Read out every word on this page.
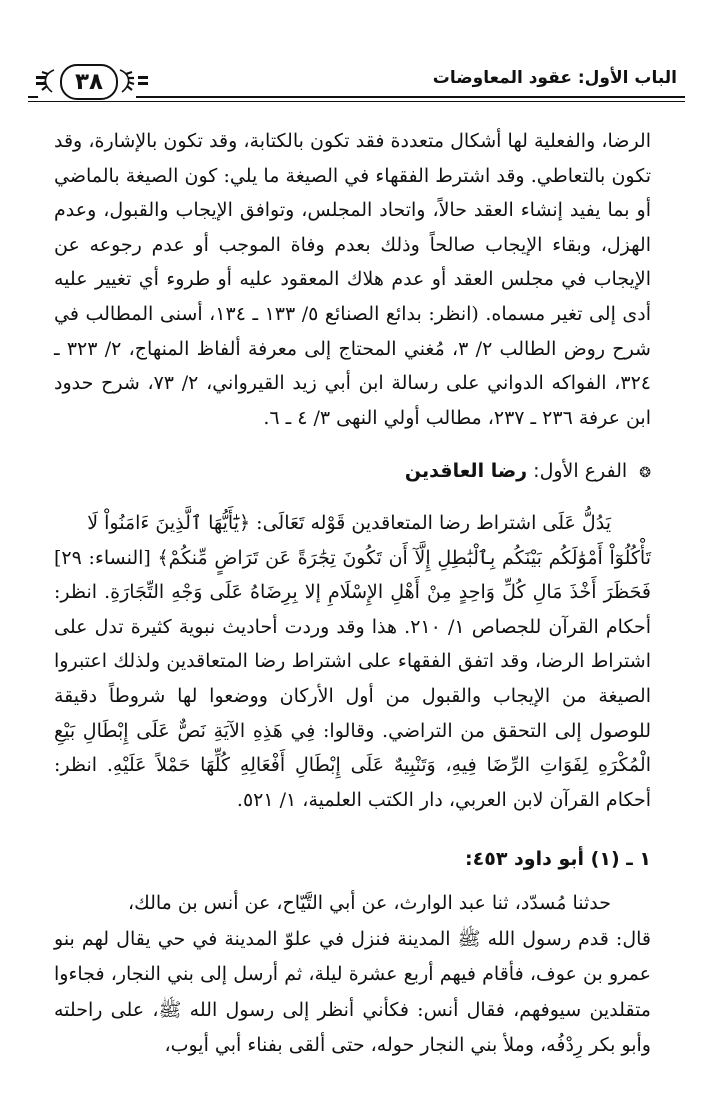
الباب الأول: عقود المعاوضات
٣٨
الرضا، والفعلية لها أشكال متعددة فقد تكون بالكتابة، وقد تكون بالإشارة، وقد تكون بالتعاطي. وقد اشترط الفقهاء في الصيغة ما يلي: كون الصيغة بالماضي أو بما يفيد إنشاء العقد حالاً، واتحاد المجلس، وتوافق الإيجاب والقبول، وعدم الهزل، وبقاء الإيجاب صالحاً وذلك بعدم وفاة الموجب أو عدم رجوعه عن الإيجاب في مجلس العقد أو عدم هلاك المعقود عليه أو طروء أي تغيير عليه أدى إلى تغير مسماه. (انظر: بدائع الصنائع ٥/ ١٣٣ ـ ١٣٤، أسنى المطالب في شرح روض الطالب ٢/ ٣، مُغني المحتاج إلى معرفة ألفاظ المنهاج، ٢/ ٣٢٣ ـ ٣٢٤، الفواكه الدواني على رسالة ابن أبي زيد القيرواني، ٢/ ٧٣، شرح حدود ابن عرفة ٢٣٦ ـ ٢٣٧، مطالب أولي النهى ٣/ ٤ ـ ٦.
❂ الفرع الأول: رضا العاقدين
يَدُلُّ عَلَى اشتراط رضا المتعاقدين قَوْله تَعَالَى: ﴿يَٰٓأَيُّهَا ٱلَّذِينَ ءَامَنُواْ لَا
تَأْكُلُوٓاْ أَمْوَٰلَكُم بَيْنَكُم بِٱلْبَٰطِلِ إِلَّآ أَن تَكُونَ تِجَٰرَةً عَن تَرَاضٍ مِّنكُمْ﴾ [النساء: ٢٩] فَحَظَرَ أَخْذَ مَالِ كُلِّ وَاحِدٍ مِنْ أَهْلِ الإِسْلَامِ إلا بِرِضَاهُ عَلَى وَجْهِ التِّجَارَةِ. انظر: أحكام القرآن للجصاص ١/ ٢١٠. هذا وقد وردت أحاديث نبوية كثيرة تدل على اشتراط الرضا، وقد اتفق الفقهاء على اشتراط رضا المتعاقدين ولذلك اعتبروا الصيغة من الإيجاب والقبول من أول الأركان ووضعوا لها شروطاً دقيقة للوصول إلى التحقق من التراضي. وقالوا: فِي هَذِهِ الآيَةِ نَصٌّ عَلَى إِبْطَالِ بَيْعِ الْمُكْرَهِ لِفَوَاتِ الرِّضَا فِيهِ، وَتَنْبِيهٌ عَلَى إِبْطَالِ أَفْعَالِهِ كُلِّهَا حَمْلاً عَلَيْهِ. انظر: أحكام القرآن لابن العربي، دار الكتب العلمية، ١/ ٥٢١.
١ ـ (١) أبو داود ٤٥٣:
حدثنا مُسدّد، ثنا عبد الوارث، عن أبي التَّيّاح، عن أنس بن مالك،
قال: قدم رسول الله ﷺ المدينة فنزل في علوّ المدينة في حي يقال لهم بنو عمرو بن عوف، فأقام فيهم أربع عشرة ليلة، ثم أرسل إلى بني النجار، فجاءوا متقلدين سيوفهم، فقال أنس: فكأني أنظر إلى رسول الله ﷺ، على راحلته وأبو بكر رِدْفُه، وملأ بني النجار حوله، حتى ألقى بفناء أبي أيوب،
